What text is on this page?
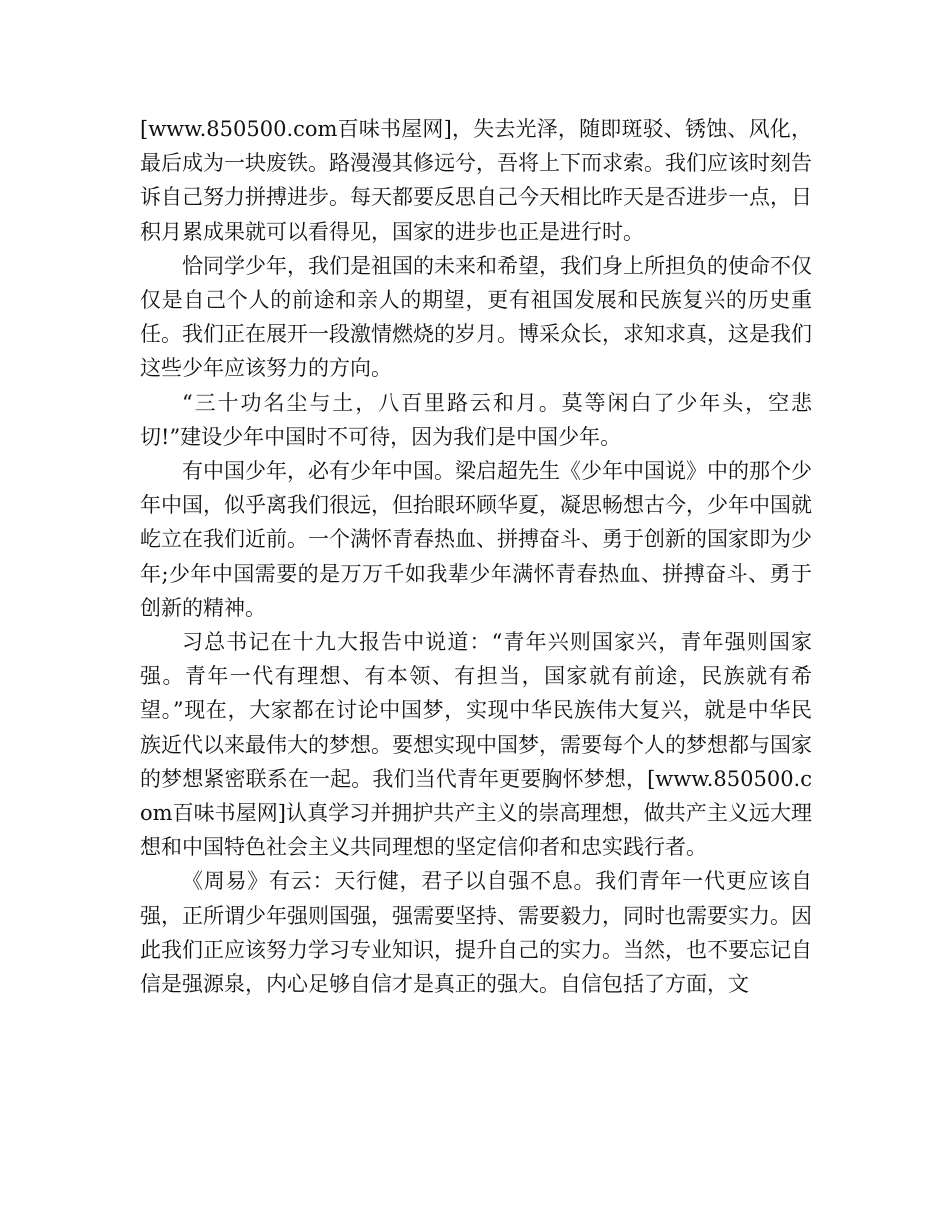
[www.850500.com百味书屋网]，失去光泽，随即斑驳、锈蚀、风化，最后成为一块废铁。路漫漫其修远兮，吾将上下而求索。我们应该时刻告诉自己努力拼搏进步。每天都要反思自己今天相比昨天是否进步一点，日积月累成果就可以看得见，国家的进步也正是进行时。

恰同学少年，我们是祖国的未来和希望，我们身上所担负的使命不仅仅是自己个人的前途和亲人的期望，更有祖国发展和民族复兴的历史重任。我们正在展开一段激情燃烧的岁月。博采众长，求知求真，这是我们这些少年应该努力的方向。

“三十功名尘与土，八百里路云和月。莫等闲白了少年头，空悲切!”建设少年中国时不可待，因为我们是中国少年。

有中国少年，必有少年中国。梁启超先生《少年中国说》中的那个少年中国，似乎离我们很远，但抬眼环顾华夏，凝思畅想古今，少年中国就屹立在我们近前。一个满怀青春热血、拼搏奋斗、勇于创新的国家即为少年;少年中国需要的是万万千如我辈少年满怀青春热血、拼搏奋斗、勇于创新的精神。

习总书记在十九大报告中说道：“青年兴则国家兴，青年强则国家强。青年一代有理想、有本领、有担当，国家就有前途，民族就有希望。”现在，大家都在讨论中国梦，实现中华民族伟大复兴，就是中华民族近代以来最伟大的梦想。要想实现中国梦，需要每个人的梦想都与国家的梦想紧密联系在一起。我们当代青年更要胸怀梦想，[www.850500.com百味书屋网]认真学习并拥护共产主义的崇高理想，做共产主义远大理想和中国特色社会主义共同理想的坚定信仰者和忠实践行者。

《周易》有云：天行健，君子以自强不息。我们青年一代更应该自强，正所谓少年强则国强，强需要坚持、需要毅力，同时也需要实力。因此我们正应该努力学习专业知识，提升自己的实力。当然，也不要忘记自信是强源泉，内心足够自信才是真正的强大。自信包括了方面，文
